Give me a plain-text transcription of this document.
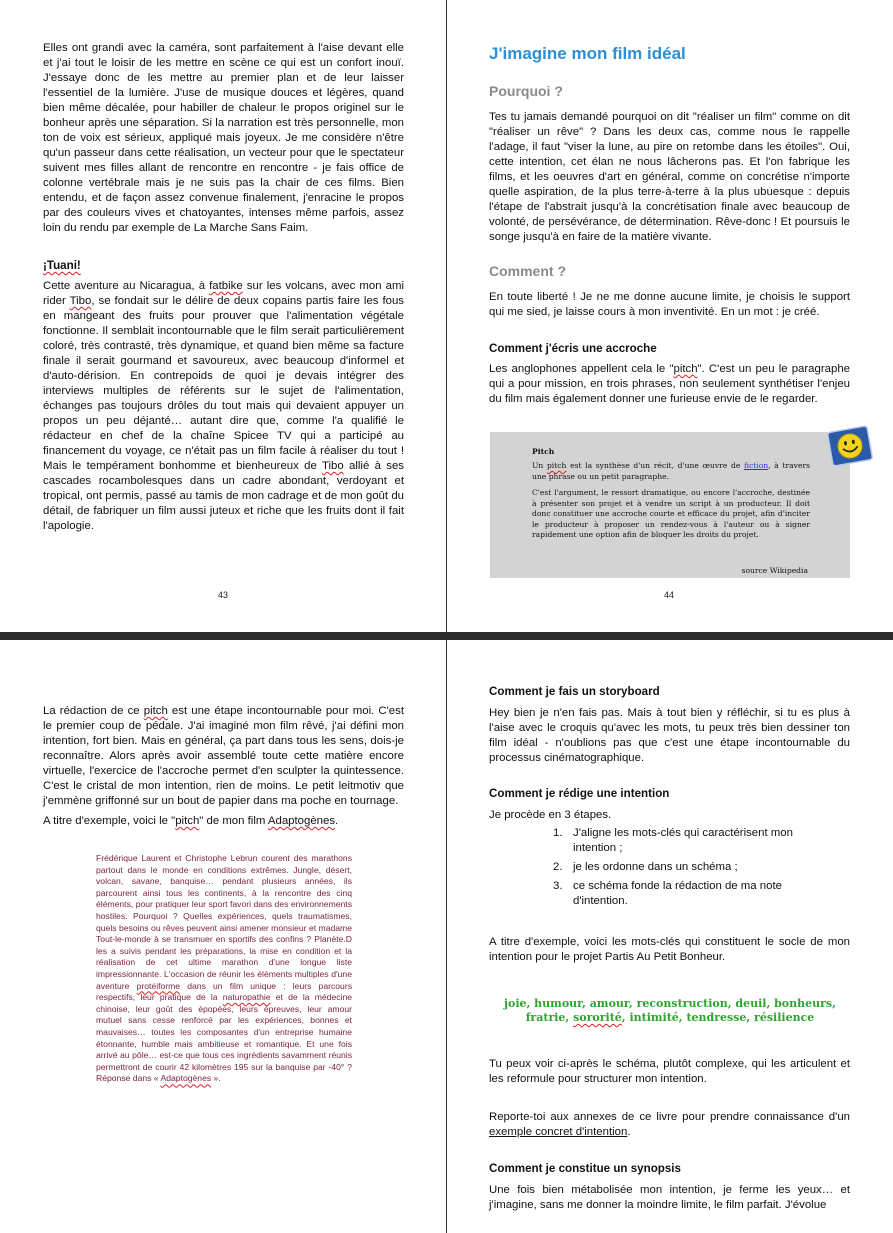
Elles ont grandi avec la caméra, sont parfaitement à l'aise devant elle et j'ai tout le loisir de les mettre en scène ce qui est un confort inouï. J'essaye donc de les mettre au premier plan et de leur laisser l'essentiel de la lumière. J'use de musique douces et légères, quand bien même décalée, pour habiller de chaleur le propos originel sur le bonheur après une séparation. Si la narration est très personnelle, mon ton de voix est sérieux, appliqué mais joyeux. Je me considère n'être qu'un passeur dans cette réalisation, un vecteur pour que le spectateur suivent mes filles allant de rencontre en rencontre - je fais office de colonne vertébrale mais je ne suis pas la chair de ces films. Bien entendu, et de façon assez convenue finalement, j'enracine le propos par des couleurs vives et chatoyantes, intenses même parfois, assez loin du rendu par exemple de La Marche Sans Faim.

¡Tuani!

Cette aventure au Nicaragua, à fatbike sur les volcans, avec mon ami rider Tibo, se fondait sur le délire de deux copains partis faire les fous en mangeant des fruits pour prouver que l'alimentation végétale fonctionne. Il semblait incontournable que le film serait particulièrement coloré, très contrasté, très dynamique, et quand bien même sa facture finale il serait gourmand et savoureux, avec beaucoup d'informel et d'auto-dérision. En contrepoids de quoi je devais intégrer des interviews multiples de référents sur le sujet de l'alimentation, échanges pas toujours drôles du tout mais qui devaient appuyer un propos un peu déjanté… autant dire que, comme l'a qualifié le rédacteur en chef de la chaîne Spicee TV qui a participé au financement du voyage, ce n'était pas un film facile à réaliser du tout ! Mais le tempérament bonhomme et bienheureux de Tibo allié à ses cascades rocambolesques dans un cadre abondant, verdoyant et tropical, ont permis, passé au tamis de mon cadrage et de mon goût du détail, de fabriquer un film aussi juteux et riche que les fruits dont il fait l'apologie.

43

J'imagine mon film idéal

Pourquoi ?

Tes tu jamais demandé pourquoi on dit "réaliser un film" comme on dit "réaliser un rêve" ? Dans les deux cas, comme nous le rappelle l'adage, il faut "viser la lune, au pire on retombe dans les étoiles". Oui, cette intention, cet élan ne nous lâcherons pas. Et l'on fabrique les films, et les oeuvres d'art en général, comme on concrétise n'importe quelle aspiration, de la plus terre-à-terre à la plus ubuesque : depuis l'étape de l'abstrait jusqu'à la concrétisation finale avec beaucoup de volonté, de persévérance, de détermination. Rêve-donc ! Et poursuis le songe jusqu'à en faire de la matière vivante.

Comment ?

En toute liberté ! Je ne me donne aucune limite, je choisis le support qui me sied, je laisse cours à mon inventivité. En un mot : je créé.

Comment j'écris une accroche

Les anglophones appellent cela le "pitch". C'est un peu le paragraphe qui a pour mission, en trois phrases, non seulement synthétiser l'enjeu du film mais également donner une furieuse envie de le regarder.

Pitch

Un pitch est la synthèse d'un récit, d'une œuvre de fiction, à travers une phrase ou un petit paragraphe.

C'est l'argument, le ressort dramatique, ou encore l'accroche, destinée à présenter son projet et à vendre un script à un producteur. Il doit donc constituer une accroche courte et efficace du projet, afin d'inciter le producteur à proposer un rendez-vous à l'auteur ou à signer rapidement une option afin de bloquer les droits du projet.

source Wikipedia

44

La rédaction de ce pitch est une étape incontournable pour moi. C'est le premier coup de pédale. J'ai imaginé mon film rêvé, j'ai défini mon intention, fort bien. Mais en général, ça part dans tous les sens, dois-je reconnaître. Alors après avoir assemblé toute cette matière encore virtuelle, l'exercice de l'accroche permet d'en sculpter la quintessence. C'est le cristal de mon intention, rien de moins. Le petit leitmotiv que j'emmène griffonné sur un bout de papier dans ma poche en tournage.

A titre d'exemple, voici le "pitch" de mon film Adaptogènes.

Frédérique Laurent et Christophe Lebrun courent des marathons partout dans le monde en conditions extrêmes. Jungle, désert, volcan, savane, banquise… pendant plusieurs années, ils parcourent ainsi tous les continents, à la rencontre des cinq éléments, pour pratiquer leur sport favori dans des environnements hostiles. Pourquoi ? Quelles expériences, quels traumatismes, quels besoins ou rêves peuvent ainsi amener monsieur et madame Tout-le-monde à se transmuer en sportifs des confins ? Planète.D les a suivis pendant les préparations, la mise en condition et la réalisation de cet ultime marathon d'une longue liste impressionnante. L'occasion de réunir les éléments multiples d'une aventure protéiforme dans un film unique : leurs parcours respectifs, leur pratique de la naturopathie et de la médecine chinoise, leur goût des épopées, leurs épreuves, leur amour mutuel sans cesse renforcé par les expériences, bonnes et mauvaises… toutes les composantes d'un entreprise humaine étonnante, humble mais ambitieuse et romantique. Et une fois arrivé au pôle… est-ce que tous ces ingrédients savamment réunis permettront de courir 42 kilomètres 195 sur la banquise par -40° ? Réponse dans « Adaptogènes ».

Comment je fais un storyboard

Hey bien je n'en fais pas. Mais à tout bien y réfléchir, si tu es plus à l'aise avec le croquis qu'avec les mots, tu peux très bien dessiner ton film idéal - n'oublions pas que c'est une étape incontournable du processus cinématographique.

Comment je rédige une intention

Je procède en 3 étapes.

1. J'aligne les mots-clés qui caractérisent mon intention ;
2. je les ordonne dans un schéma ;
3. ce schéma fonde la rédaction de ma note d'intention.

A titre d'exemple, voici les mots-clés qui constituent le socle de mon intention pour le projet Partis Au Petit Bonheur.

joie, humour, amour, reconstruction, deuil, bonheurs, fratrie, sororité, intimité, tendresse, résilience

Tu peux voir ci-après le schéma, plutôt complexe, qui les articulent et les reformule pour structurer mon intention.

Reporte-toi aux annexes de ce livre pour prendre connaissance d'un exemple concret d'intention.

Comment je constitue un synopsis

Une fois bien métabolisée mon intention, je ferme les yeux… et j'imagine, sans me donner la moindre limite, le film parfait. J'évolue
